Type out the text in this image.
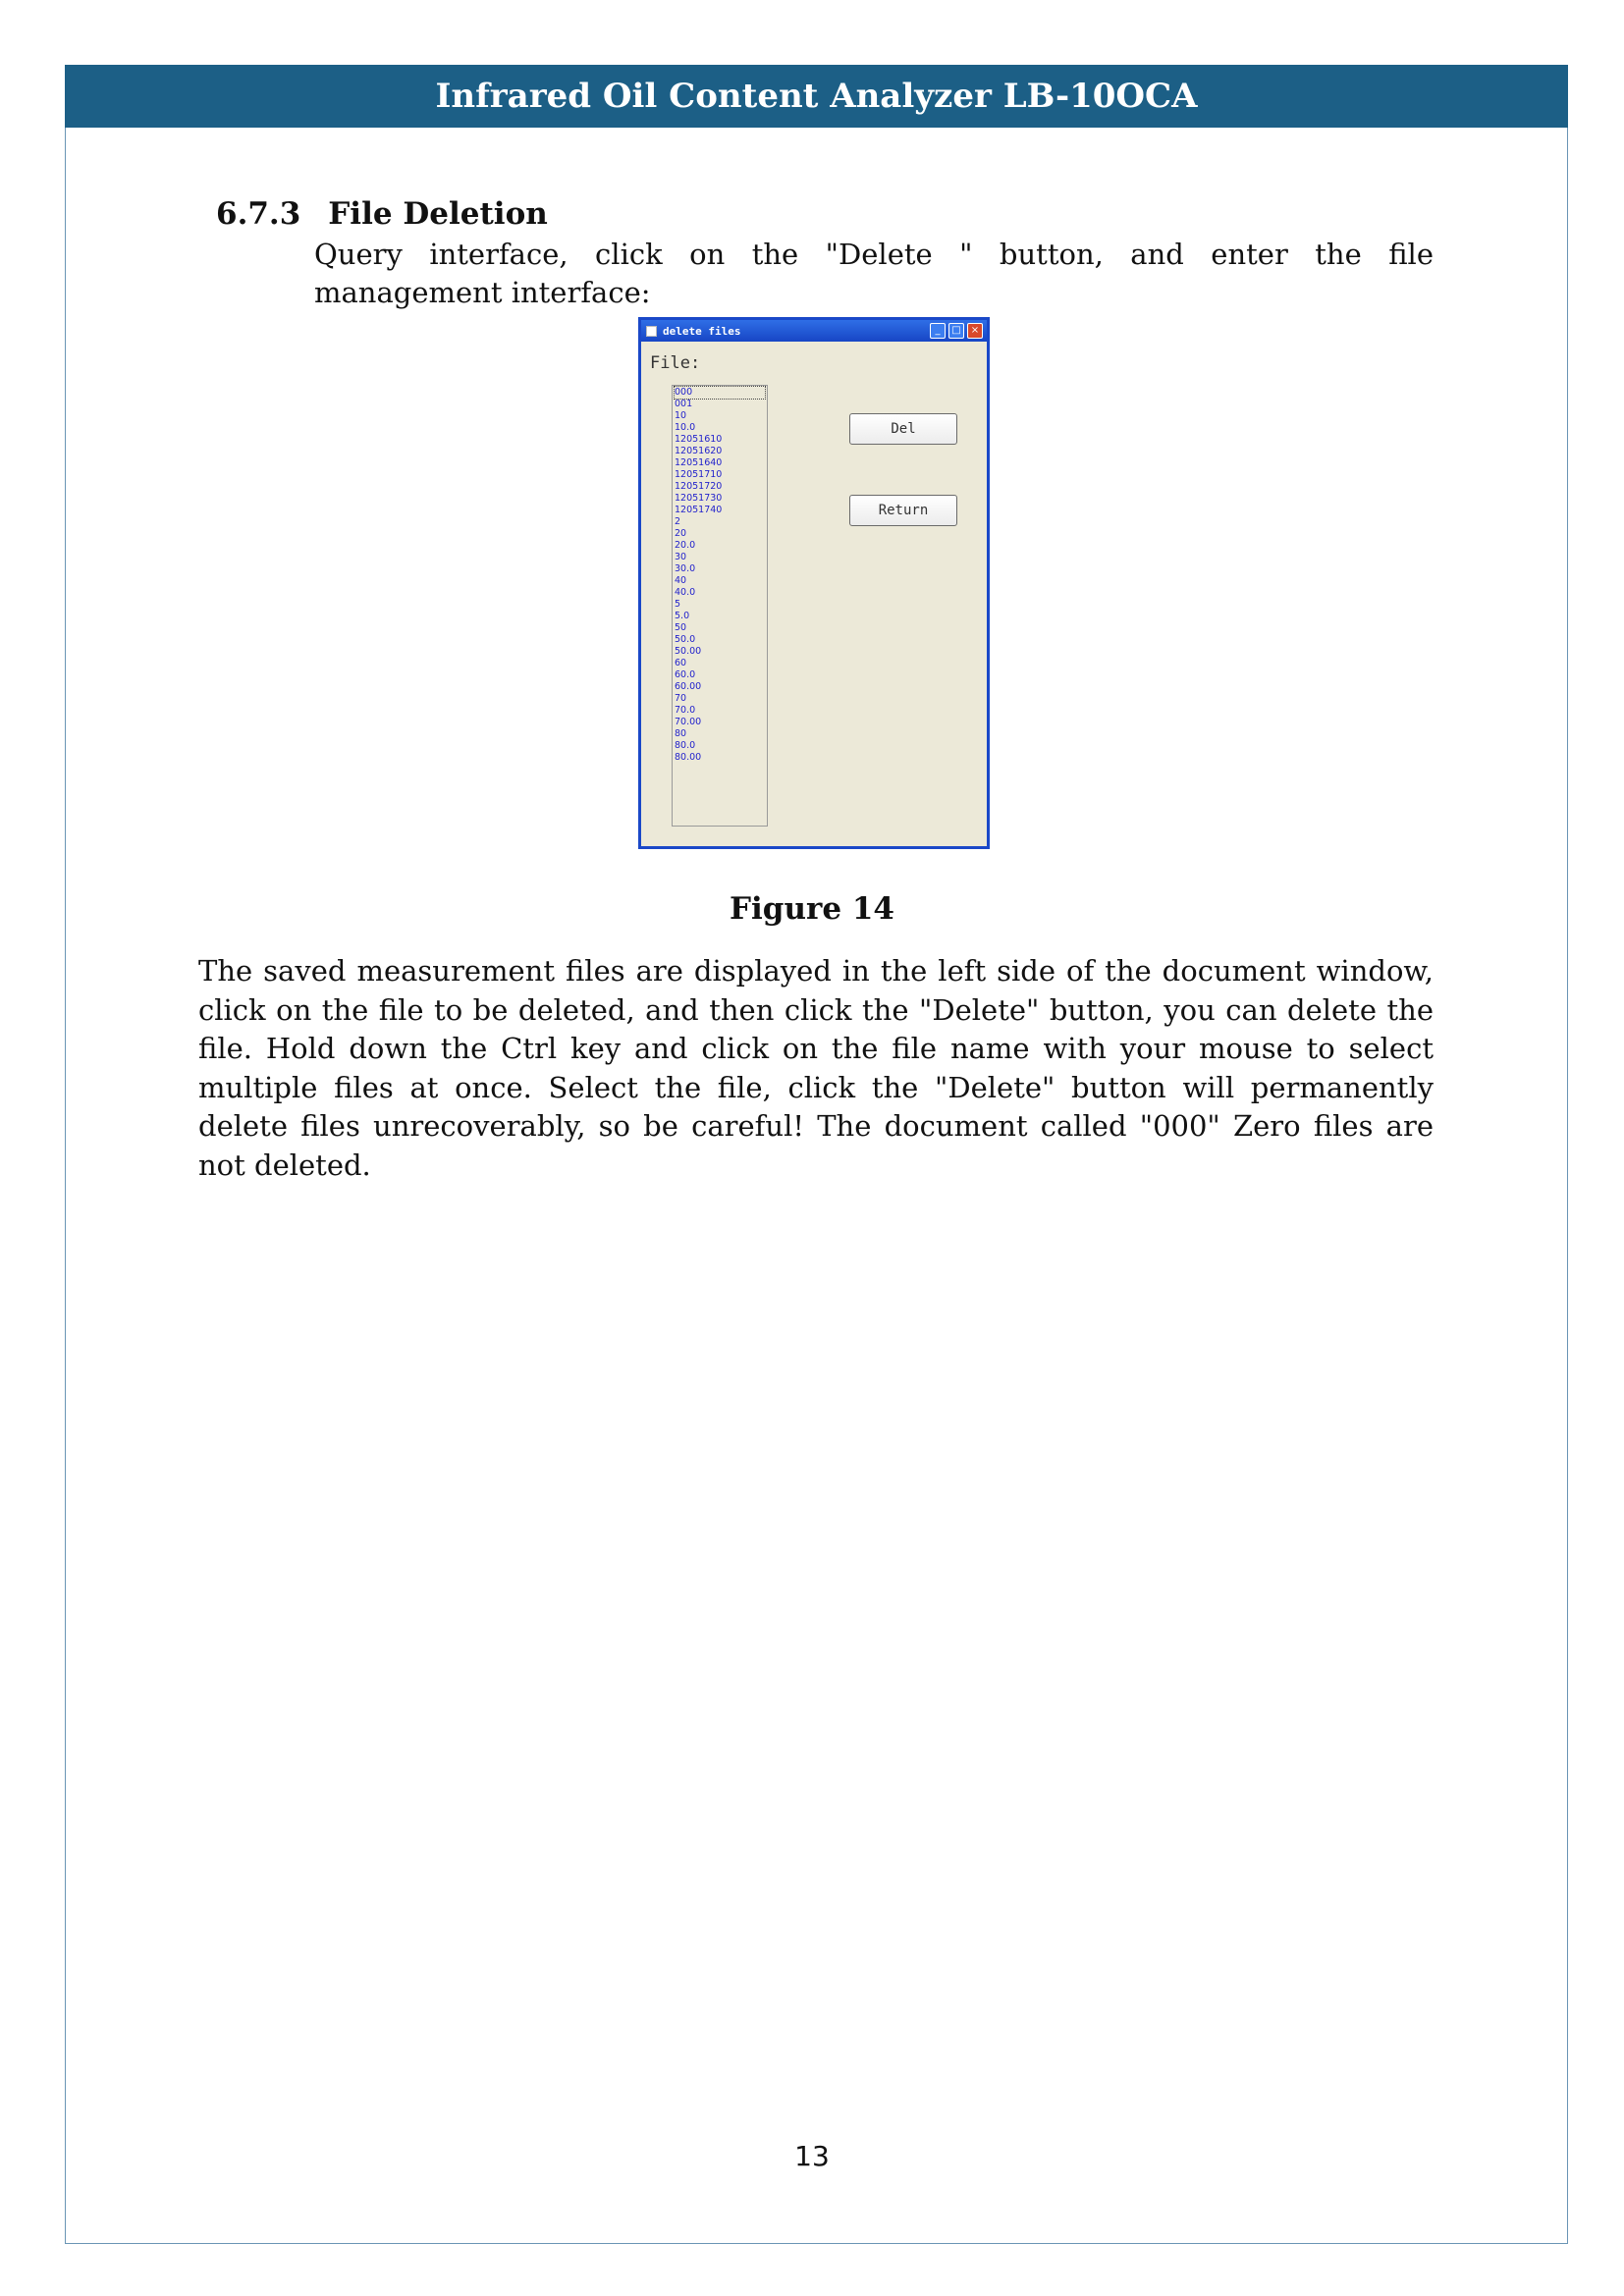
Infrared Oil Content Analyzer LB-10OCA
6.7.3 File Deletion
Query interface, click on the "Delete " button, and enter the file management interface:
delete files	_	□	×
File:
000
001
10
10.0
12051610
12051620
12051640
12051710
12051720
12051730
12051740
2
20
20.0
30
30.0
40
40.0
5
5.0
50
50.0
50.00
60
60.0
60.00
70
70.0
70.00
80
80.0
80.00
Del
Return
Figure 14
The saved measurement files are displayed in the left side of the document window, click on the file to be deleted, and then click the "Delete" button, you can delete the file. Hold down the Ctrl key and click on the file name with your mouse to select multiple files at once. Select the file, click the "Delete" button will permanently delete files unrecoverably, so be careful! The document called "000" Zero files are not deleted.
13
